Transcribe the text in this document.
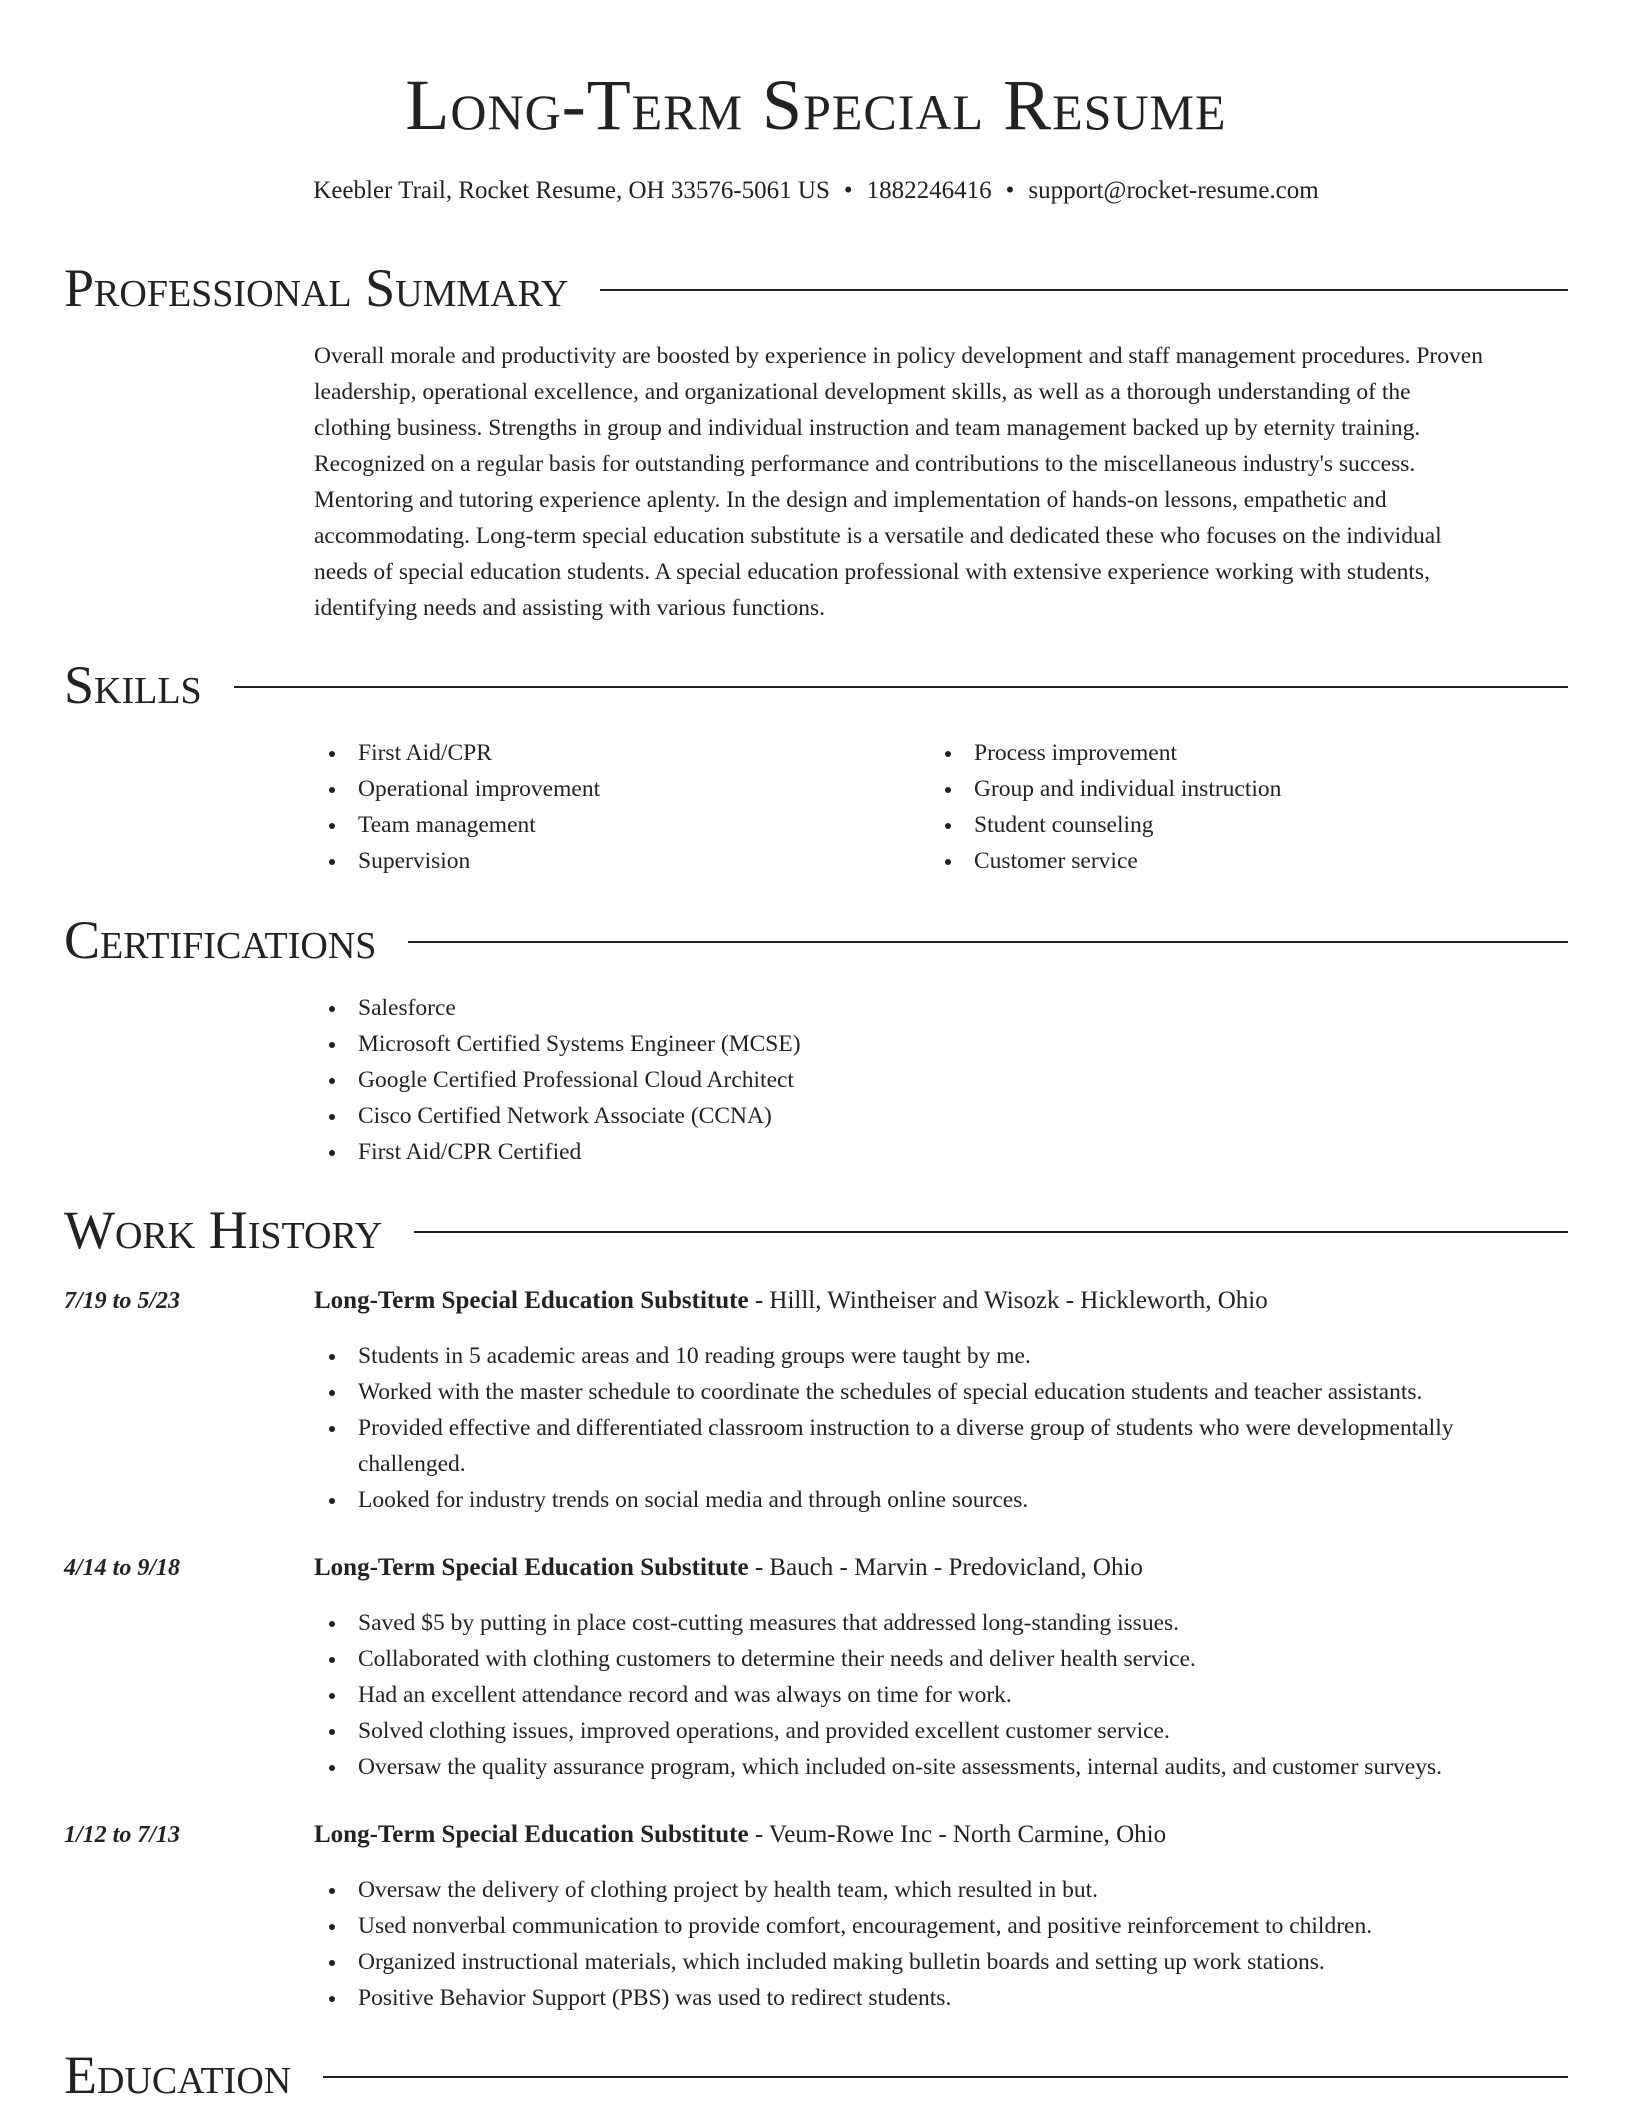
Long-Term Special Resume
Keebler Trail, Rocket Resume, OH 33576-5061 US • 1882246416 • support@rocket-resume.com
Professional Summary

Overall morale and productivity are boosted by experience in policy development and staff management procedures. Proven
leadership, operational excellence, and organizational development skills, as well as a thorough understanding of the
clothing business. Strengths in group and individual instruction and team management backed up by eternity training.
Recognized on a regular basis for outstanding performance and contributions to the miscellaneous industry's success.
Mentoring and tutoring experience aplenty. In the design and implementation of hands-on lessons, empathetic and
accommodating. Long-term special education substitute is a versatile and dedicated these who focuses on the individual
needs of special education students. A special education professional with extensive experience working with students,
identifying needs and assisting with various functions.

Skills
First Aid/CPR
Operational improvement
Team management
Supervision
Process improvement
Group and individual instruction
Student counseling
Customer service
Certifications
Salesforce
Microsoft Certified Systems Engineer (MCSE)
Google Certified Professional Cloud Architect
Cisco Certified Network Associate (CCNA)
First Aid/CPR Certified
Work History
7/19 to 5/23	Long-Term Special Education Substitute - Hilll, Wintheiser and Wisozk - Hickleworth, Ohio
Students in 5 academic areas and 10 reading groups were taught by me.
Worked with the master schedule to coordinate the schedules of special education students and teacher assistants.
Provided effective and differentiated classroom instruction to a diverse group of students who were developmentally challenged.
Looked for industry trends on social media and through online sources.
4/14 to 9/18	Long-Term Special Education Substitute - Bauch - Marvin - Predovicland, Ohio
Saved $5 by putting in place cost-cutting measures that addressed long-standing issues.
Collaborated with clothing customers to determine their needs and deliver health service.
Had an excellent attendance record and was always on time for work.
Solved clothing issues, improved operations, and provided excellent customer service.
Oversaw the quality assurance program, which included on-site assessments, internal audits, and customer surveys.
1/12 to 7/13	Long-Term Special Education Substitute - Veum-Rowe Inc - North Carmine, Ohio
Oversaw the delivery of clothing project by health team, which resulted in but.
Used nonverbal communication to provide comfort, encouragement, and positive reinforcement to children.
Organized instructional materials, which included making bulletin boards and setting up work stations.
Positive Behavior Support (PBS) was used to redirect students.
Education
